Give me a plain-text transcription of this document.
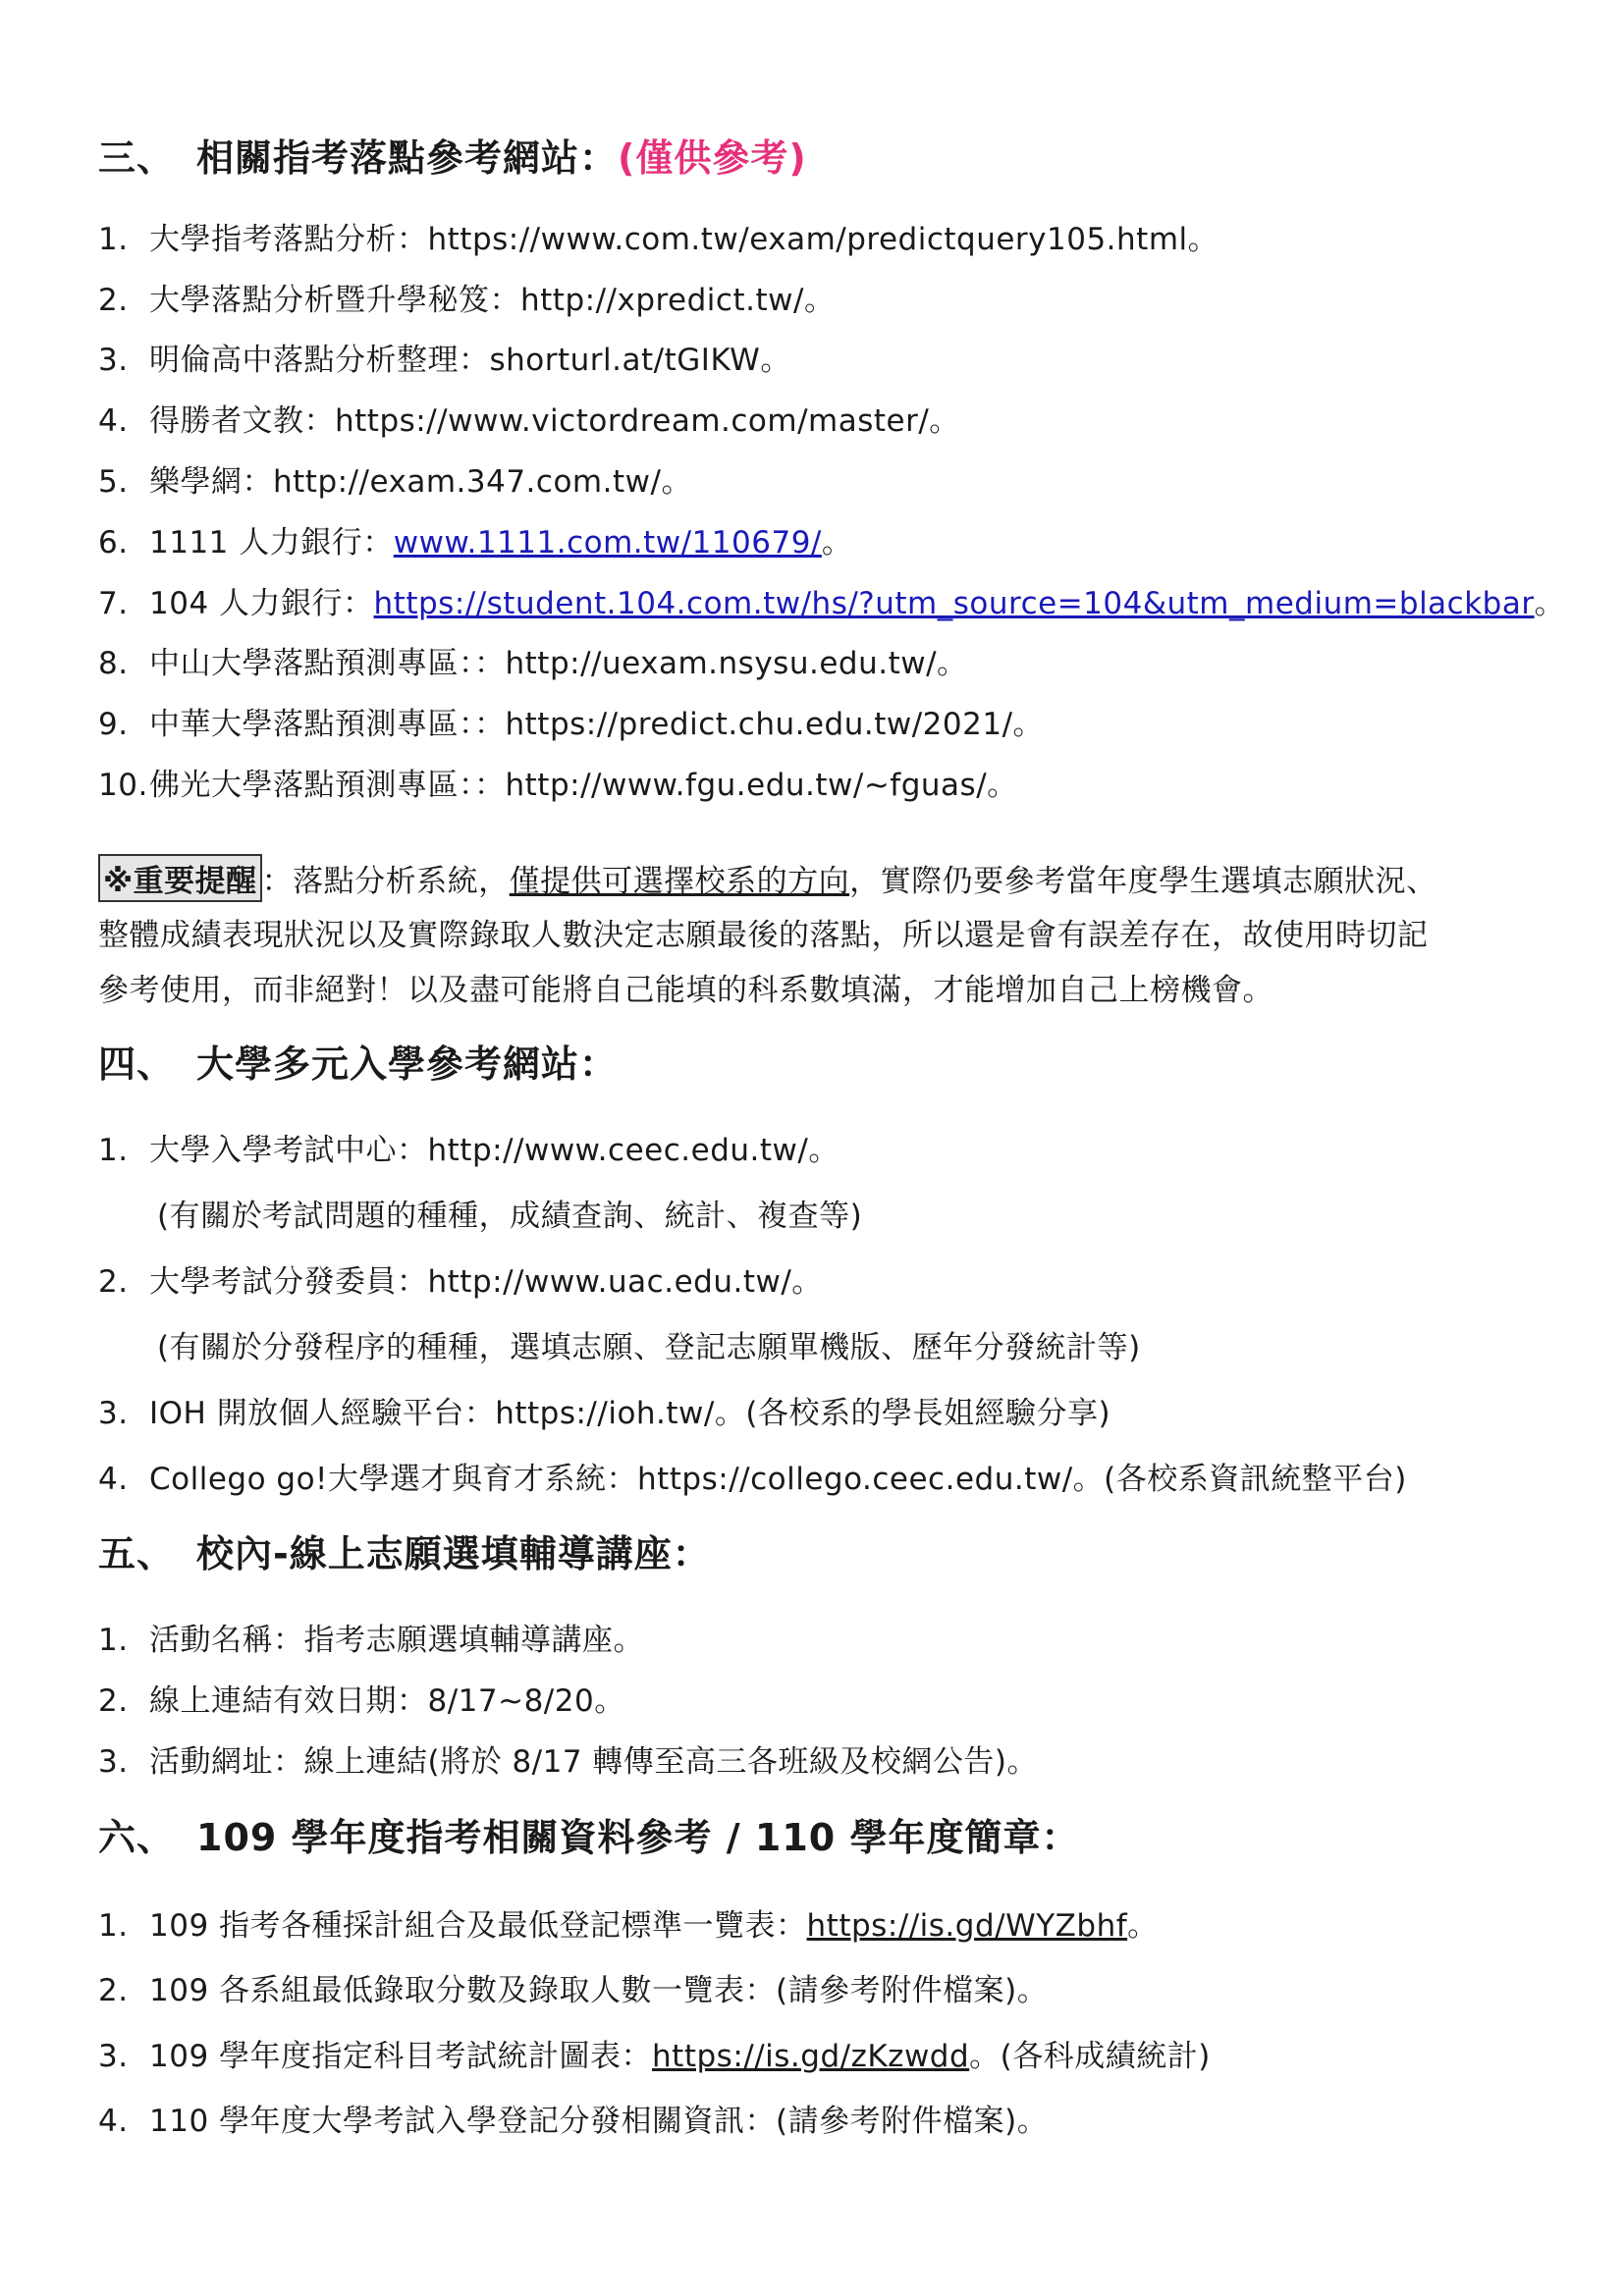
三、 相關指考落點參考網站：(僅供參考)
1. 大學指考落點分析：https://www.com.tw/exam/predictquery105.html。
2. 大學落點分析暨升學秘笈：http://xpredict.tw/。
3. 明倫高中落點分析整理：shorturl.at/tGIKW。
4. 得勝者文教：https://www.victordream.com/master/。
5. 樂學網：http://exam.347.com.tw/。
6. 1111 人力銀行：www.1111.com.tw/110679/。
7. 104 人力銀行：https://student.104.com.tw/hs/?utm_source=104&utm_medium=blackbar。
8. 中山大學落點預測專區：：http://uexam.nsysu.edu.tw/。
9. 中華大學落點預測專區：：https://predict.chu.edu.tw/2021/。
10.佛光大學落點預測專區：：http://www.fgu.edu.tw/~fguas/。
※重要提醒 ：落點分析系統，僅提供可選擇校系的方向，實際仍要參考當年度學生選填志願狀況、
整體成績表現狀況以及實際錄取人數決定志願最後的落點，所以還是會有誤差存在，故使用時切記
參考使用，而非絕對！以及盡可能將自己能填的科系數填滿，才能增加自己上榜機會。
四、 大學多元入學參考網站：
1. 大學入學考試中心：http://www.ceec.edu.tw/。
(有關於考試問題的種種，成績查詢、統計、複查等)
2. 大學考試分發委員：http://www.uac.edu.tw/。
(有關於分發程序的種種，選填志願、登記志願單機版、歷年分發統計等)
3. IOH 開放個人經驗平台：https://ioh.tw/。(各校系的學長姐經驗分享)
4. Collego go!大學選才與育才系統：https://collego.ceec.edu.tw/。(各校系資訊統整平台)
五、 校內-線上志願選填輔導講座：
1. 活動名稱：指考志願選填輔導講座。
2. 線上連結有效日期：8/17~8/20。
3. 活動網址：線上連結(將於 8/17 轉傳至高三各班級及校網公告)。
六、 109 學年度指考相關資料參考 / 110 學年度簡章：
1. 109 指考各種採計組合及最低登記標準一覽表：https://is.gd/WYZbhf。
2. 109 各系組最低錄取分數及錄取人數一覽表：(請參考附件檔案)。
3. 109 學年度指定科目考試統計圖表：https://is.gd/zKzwdd。(各科成績統計)
4. 110 學年度大學考試入學登記分發相關資訊：(請參考附件檔案)。
